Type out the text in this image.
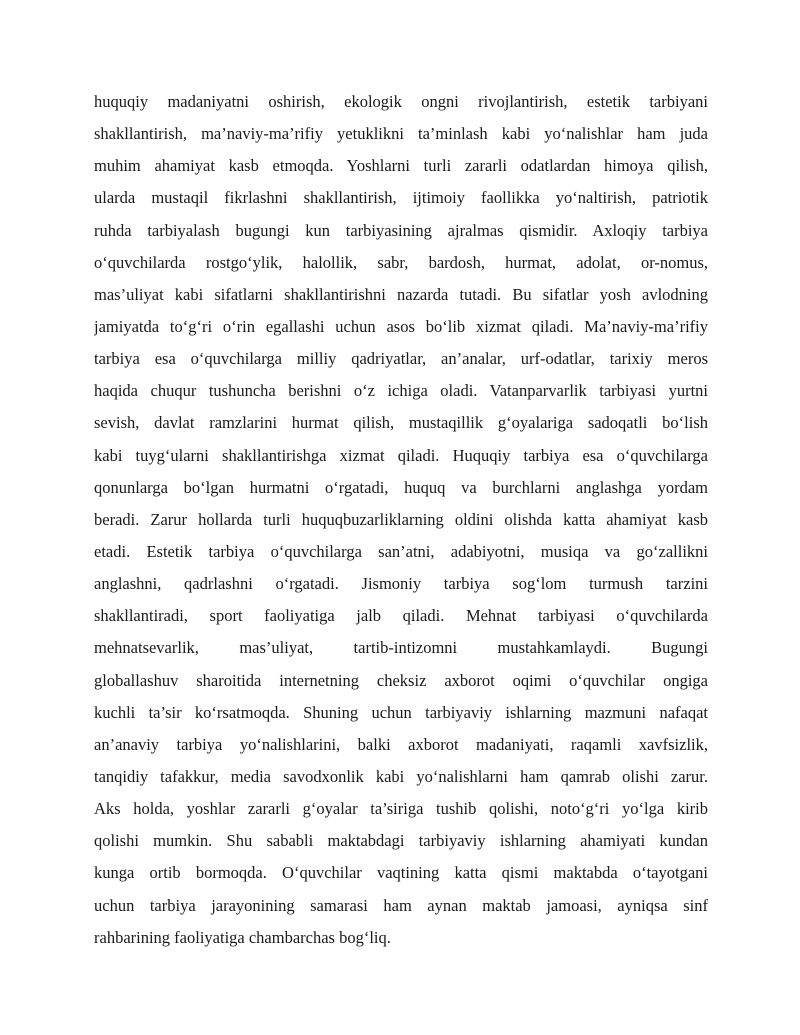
huquqiy madaniyatni oshirish, ekologik ongni rivojlantirish, estetik tarbiyani
shakllantirish, ma’naviy-ma’rifiy yetuklikni ta’minlash kabi yo‘nalishlar ham juda
muhim ahamiyat kasb etmoqda. Yoshlarni turli zararli odatlardan himoya qilish,
ularda mustaqil fikrlashni shakllantirish, ijtimoiy faollikka yo‘naltirish, patriotik
ruhda tarbiyalash bugungi kun tarbiyasining ajralmas qismidir. Axloqiy tarbiya
o‘quvchilarda rostgo‘ylik, halollik, sabr, bardosh, hurmat, adolat, or-nomus,
mas’uliyat kabi sifatlarni shakllantirishni nazarda tutadi. Bu sifatlar yosh avlodning
jamiyatda to‘g‘ri o‘rin egallashi uchun asos bo‘lib xizmat qiladi. Ma’naviy-ma’rifiy
tarbiya esa o‘quvchilarga milliy qadriyatlar, an’analar, urf-odatlar, tarixiy meros
haqida chuqur tushuncha berishni o‘z ichiga oladi. Vatanparvarlik tarbiyasi yurtni
sevish, davlat ramzlarini hurmat qilish, mustaqillik g‘oyalariga sadoqatli bo‘lish
kabi tuyg‘ularni shakllantirishga xizmat qiladi. Huquqiy tarbiya esa o‘quvchilarga
qonunlarga bo‘lgan hurmatni o‘rgatadi, huquq va burchlarni anglashga yordam
beradi. Zarur hollarda turli huquqbuzarliklarning oldini olishda katta ahamiyat kasb
etadi. Estetik tarbiya o‘quvchilarga san’atni, adabiyotni, musiqa va go‘zallikni
anglashni, qadrlashni o‘rgatadi. Jismoniy tarbiya sog‘lom turmush tarzini
shakllantiradi, sport faoliyatiga jalb qiladi. Mehnat tarbiyasi o‘quvchilarda
mehnatsevarlik, mas’uliyat, tartib-intizomni mustahkamlaydi. Bugungi
globallashuv sharoitida internetning cheksiz axborot oqimi o‘quvchilar ongiga
kuchli ta’sir ko‘rsatmoqda. Shuning uchun tarbiyaviy ishlarning mazmuni nafaqat
an’anaviy tarbiya yo‘nalishlarini, balki axborot madaniyati, raqamli xavfsizlik,
tanqidiy tafakkur, media savodxonlik kabi yo‘nalishlarni ham qamrab olishi zarur.
Aks holda, yoshlar zararli g‘oyalar ta’siriga tushib qolishi, noto‘g‘ri yo‘lga kirib
qolishi mumkin. Shu sababli maktabdagi tarbiyaviy ishlarning ahamiyati kundan
kunga ortib bormoqda. O‘quvchilar vaqtining katta qismi maktabda o‘tayotgani
uchun tarbiya jarayonining samarasi ham aynan maktab jamoasi, ayniqsa sinf
rahbarining faoliyatiga chambarchas bog‘liq.
